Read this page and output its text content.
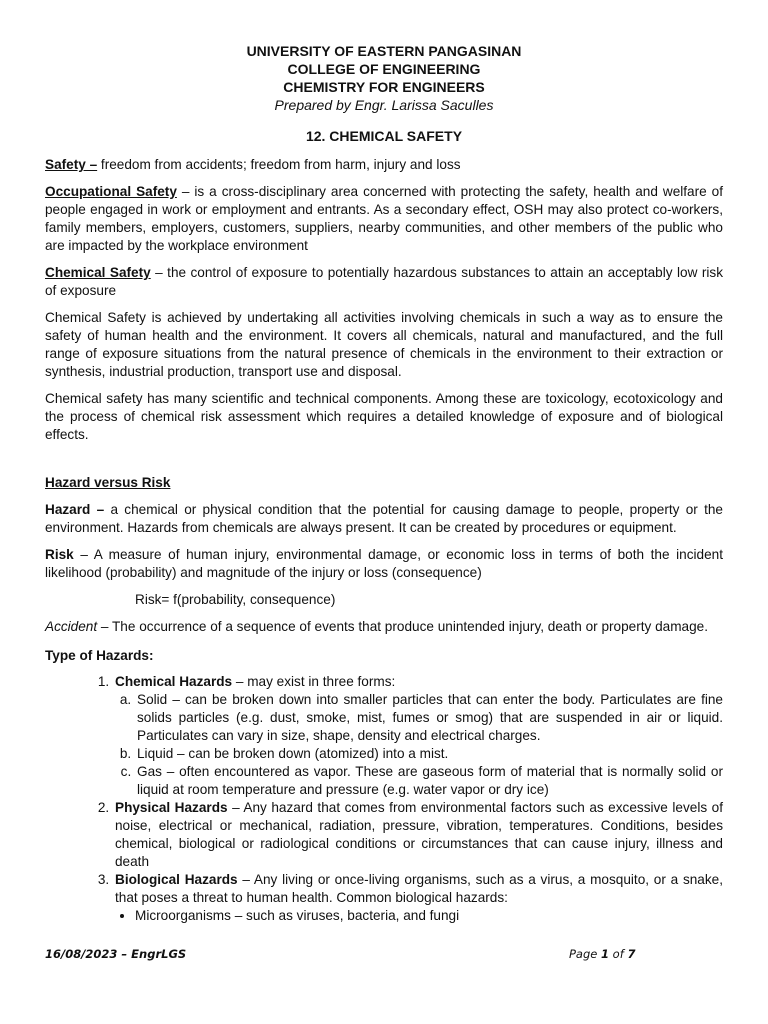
UNIVERSITY OF EASTERN PANGASINAN
COLLEGE OF ENGINEERING
CHEMISTRY FOR ENGINEERS
Prepared by Engr. Larissa Saculles
12. CHEMICAL SAFETY

Safety – freedom from accidents; freedom from harm, injury and loss

Occupational Safety – is a cross-disciplinary area concerned with protecting the safety, health and welfare of people engaged in work or employment and entrants. As a secondary effect, OSH may also protect co-workers, family members, employers, customers, suppliers, nearby communities, and other members of the public who are impacted by the workplace environment

Chemical Safety – the control of exposure to potentially hazardous substances to attain an acceptably low risk of exposure

Chemical Safety is achieved by undertaking all activities involving chemicals in such a way as to ensure the safety of human health and the environment. It covers all chemicals, natural and manufactured, and the full range of exposure situations from the natural presence of chemicals in the environment to their extraction or synthesis, industrial production, transport use and disposal.

Chemical safety has many scientific and technical components. Among these are toxicology, ecotoxicology and the process of chemical risk assessment which requires a detailed knowledge of exposure and of biological effects.

Hazard versus Risk

Hazard – a chemical or physical condition that the potential for causing damage to people, property or the environment. Hazards from chemicals are always present. It can be created by procedures or equipment.

Risk – A measure of human injury, environmental damage, or economic loss in terms of both the incident likelihood (probability) and magnitude of the injury or loss (consequence)

Risk= f(probability, consequence)

Accident – The occurrence of a sequence of events that produce unintended injury, death or property damage.

Type of Hazards:
1. Chemical Hazards – may exist in three forms:
a. Solid – can be broken down into smaller particles that can enter the body. Particulates are fine solids particles (e.g. dust, smoke, mist, fumes or smog) that are suspended in air or liquid. Particulates can vary in size, shape, density and electrical charges.
b. Liquid – can be broken down (atomized) into a mist.
c. Gas – often encountered as vapor. These are gaseous form of material that is normally solid or liquid at room temperature and pressure (e.g. water vapor or dry ice)
2. Physical Hazards – Any hazard that comes from environmental factors such as excessive levels of noise, electrical or mechanical, radiation, pressure, vibration, temperatures. Conditions, besides chemical, biological or radiological conditions or circumstances that can cause injury, illness and death
3. Biological Hazards – Any living or once-living organisms, such as a virus, a mosquito, or a snake, that poses a threat to human health. Common biological hazards:
• Microorganisms – such as viruses, bacteria, and fungi
16/08/2023 – EngrLGS	Page 1 of 7
